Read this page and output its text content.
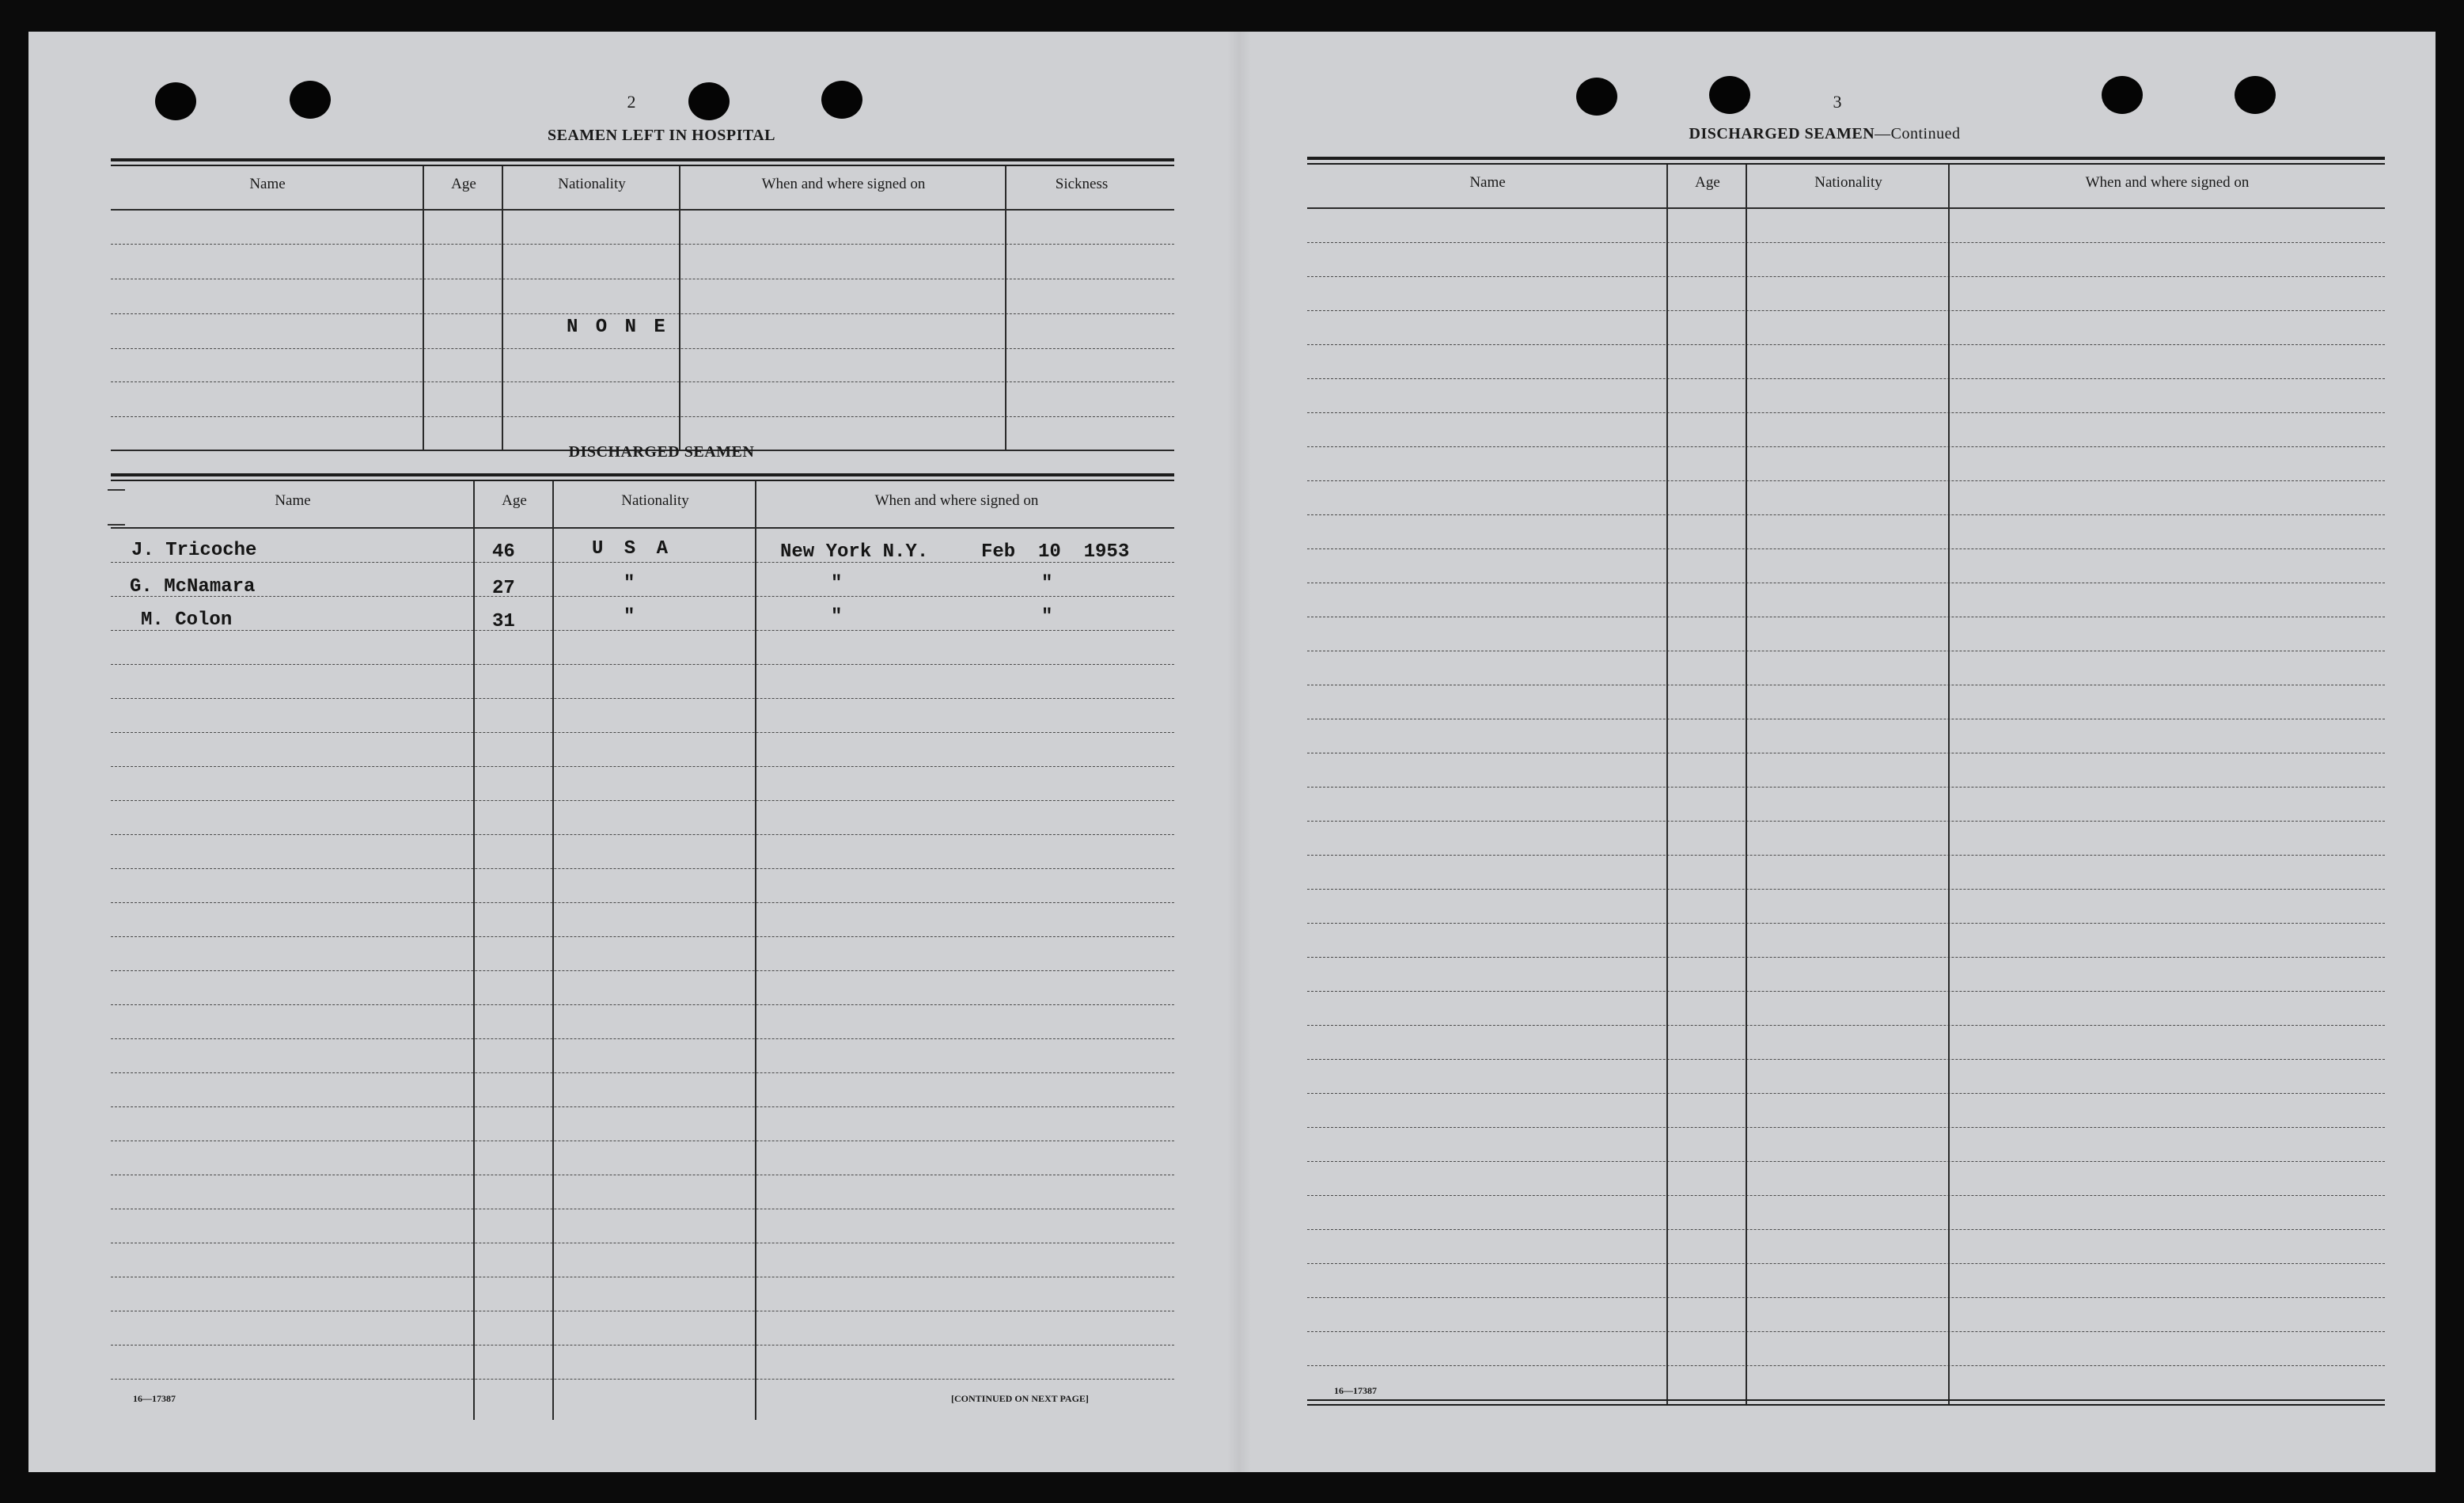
2
SEAMEN LEFT IN HOSPITAL
Name	Age	Nationality	When and where signed on	Sickness
N O N E
DISCHARGED SEAMEN
Name	Age	Nationality	When and where signed on
J. Tricoche	46	U S A	New York N.Y.	Feb  10  1953
G. McNamara	27	"	"	"
M. Colon	31	"	"	"
16—17387	[CONTINUED ON NEXT PAGE]
3
DISCHARGED SEAMEN—Continued
Name	Age	Nationality	When and where signed on
16—17387
